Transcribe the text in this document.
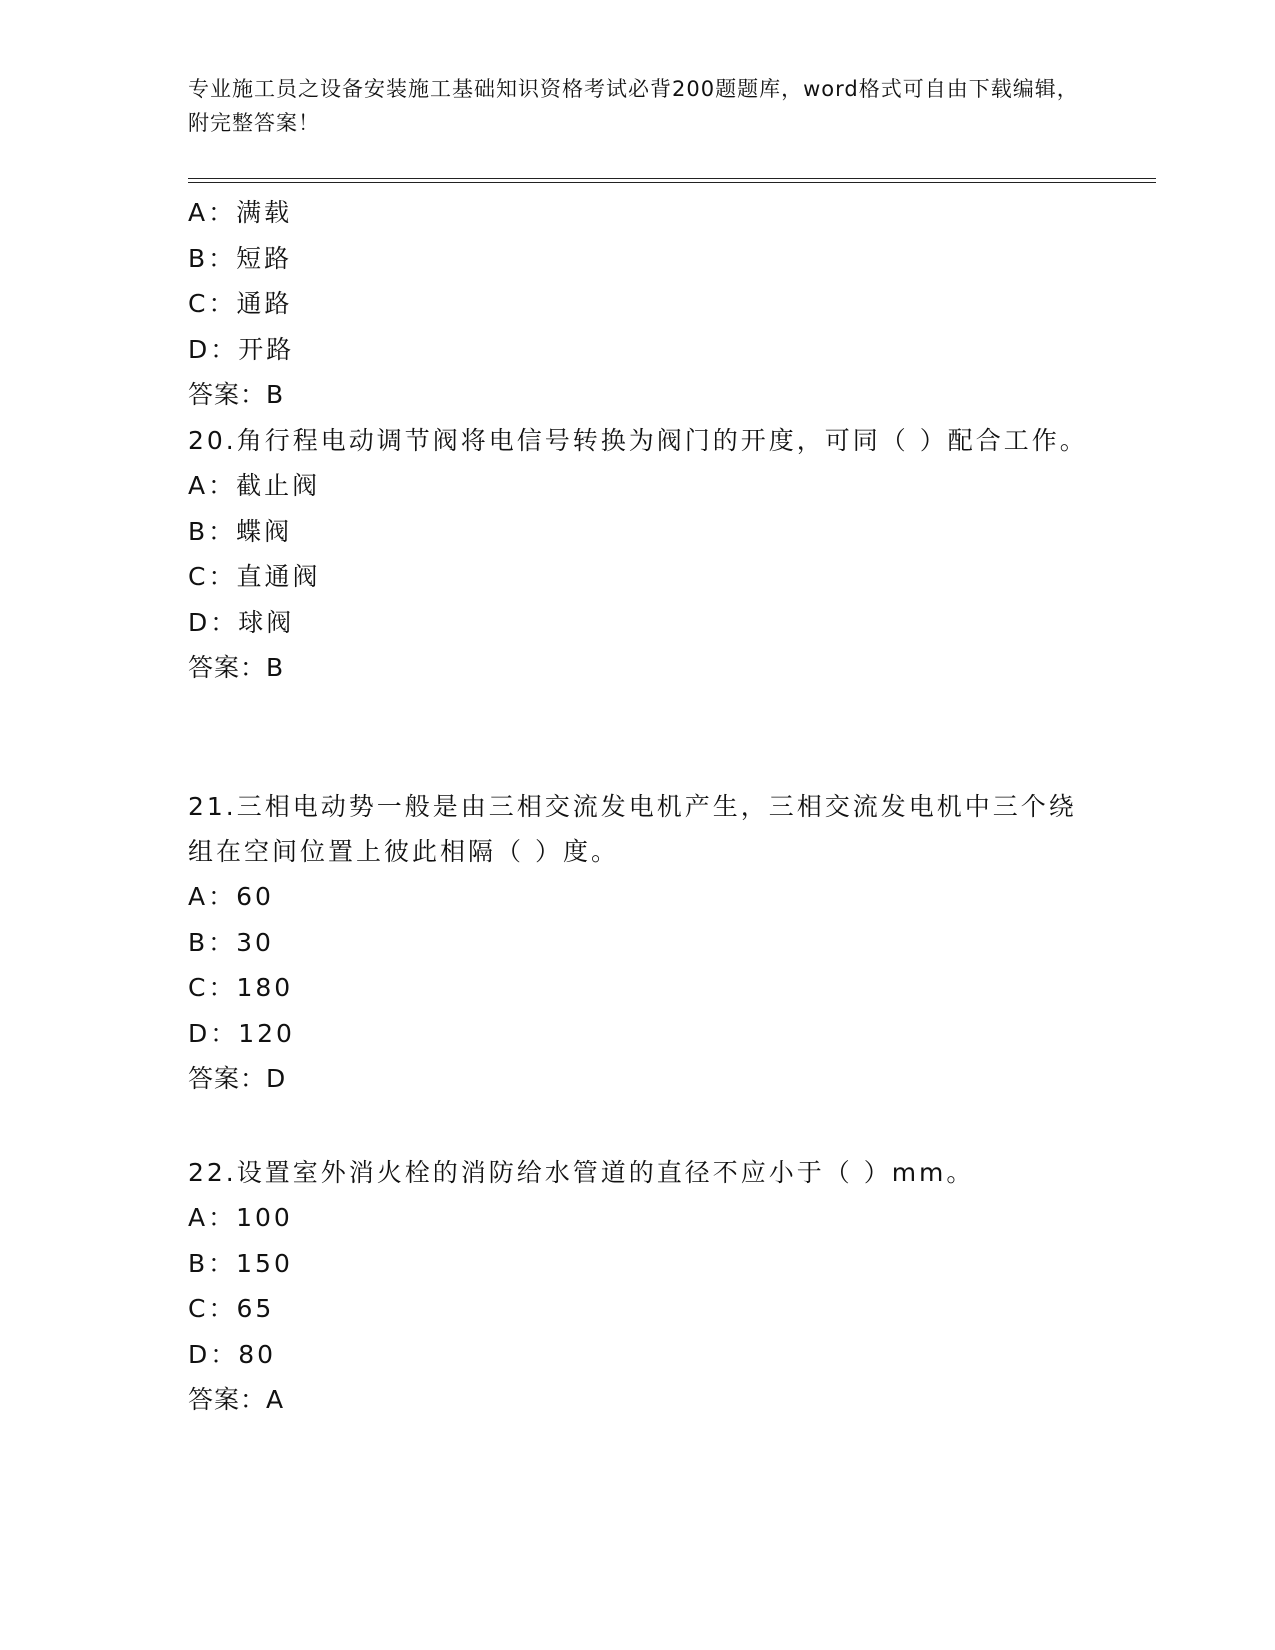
专业施工员之设备安装施工基础知识资格考试必背200题题库，word格式可自由下载编辑，附完整答案！
A：满载
B：短路
C：通路
D：开路
答案：B
20.角行程电动调节阀将电信号转换为阀门的开度，可同（ ）配合工作。
A：截止阀
B：蝶阀
C：直通阀
D：球阀
答案：B
21.三相电动势一般是由三相交流发电机产生，三相交流发电机中三个绕组在空间位置上彼此相隔（ ）度。
A：60
B：30
C：180
D：120
答案：D
22.设置室外消火栓的消防给水管道的直径不应小于（ ）mm。
A：100
B：150
C：65
D：80
答案：A
